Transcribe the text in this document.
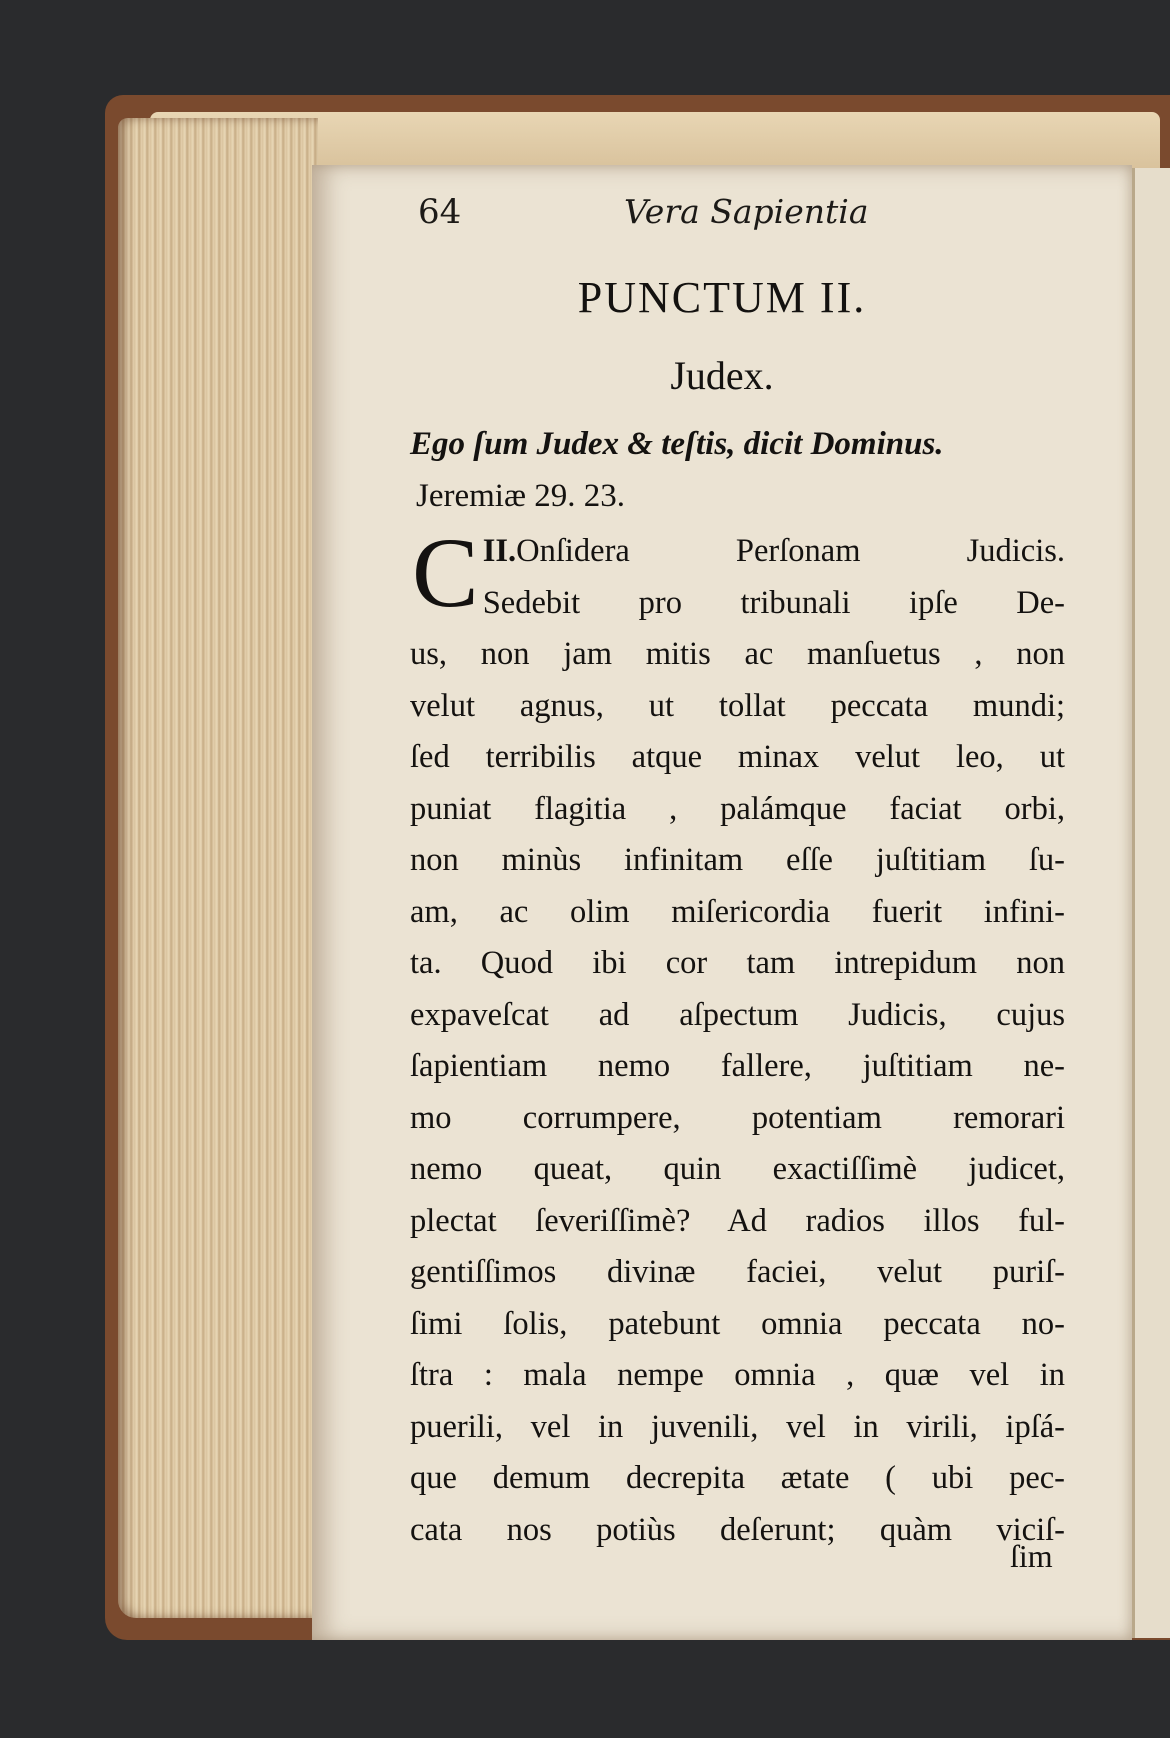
64	Vera Sapientia
PUNCTUM II.
Judex.
Ego ſum Judex & teſtis, dicit Dominus. Jeremiæ 29. 23.
II.
C Onſidera Perſonam Judicis.
Sedebit pro tribunali ipſe De-
us, non jam mitis ac manſuetus , non
velut agnus, ut tollat peccata mundi;
ſed terribilis atque minax velut leo, ut
puniat flagitia , palámque faciat orbi,
non minùs infinitam eſſe juſtitiam ſu-
am, ac olim miſericordia fuerit infini-
ta. Quod ibi cor tam intrepidum non
expaveſcat ad aſpectum Judicis, cujus
ſapientiam nemo fallere, juſtitiam ne-
mo corrumpere, potentiam remorari
nemo queat, quin exactiſſimè judicet,
plectat ſeveriſſimè? Ad radios illos ful-
gentiſſimos divinæ faciei, velut puriſ-
ſimi ſolis, patebunt omnia peccata no-
ſtra : mala nempe omnia , quæ vel in
puerili, vel in juvenili, vel in virili, ipſá-
que demum decrepita ætate ( ubi pec-
cata nos potiùs deſerunt; quàm viciſ-
ſim
